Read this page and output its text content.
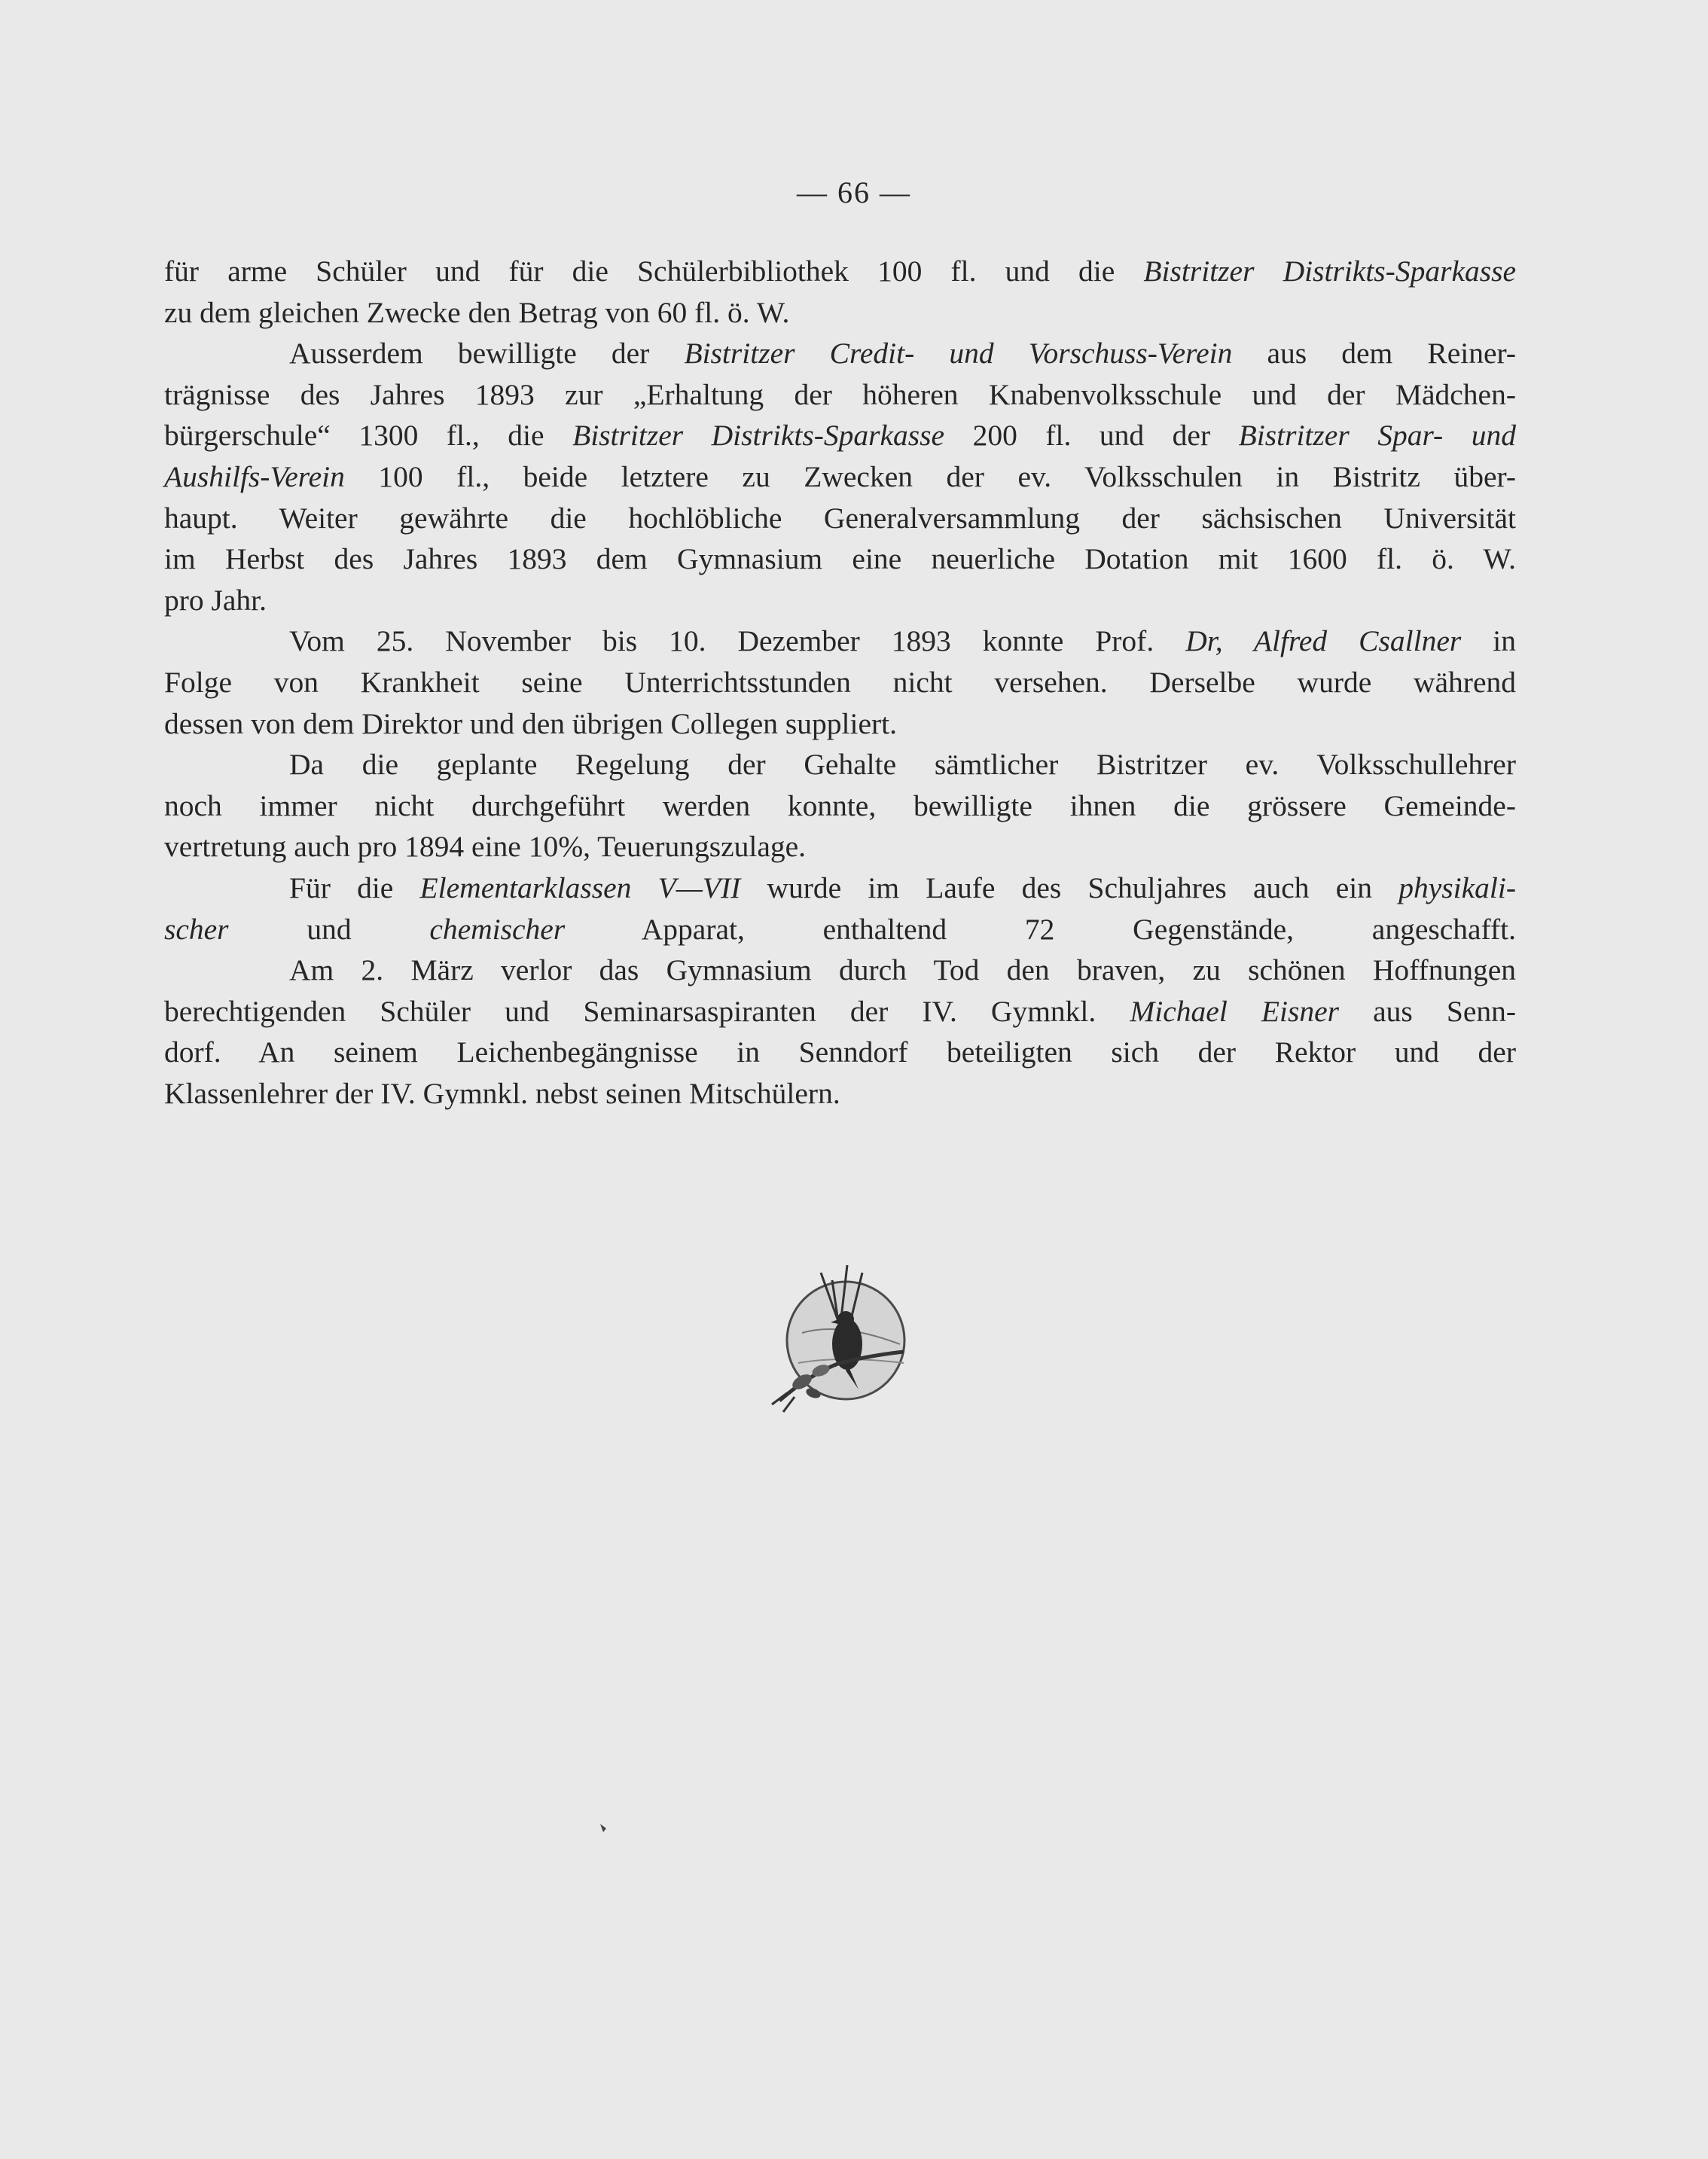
— 66 —
für arme Schüler und für die Schülerbibliothek 100 fl. und die Bistritzer Distrikts-Sparkasse
zu dem gleichen Zwecke den Betrag von 60 fl. ö. W.
Ausserdem bewilligte der Bistritzer Credit- und Vorschuss-Verein aus dem Reiner-
trägnisse des Jahres 1893 zur „Erhaltung der höheren Knabenvolksschule und der Mädchen-
bürgerschule“ 1300 fl., die Bistritzer Distrikts-Sparkasse 200 fl. und der Bistritzer Spar- und
Aushilfs-Verein 100 fl., beide letztere zu Zwecken der ev. Volksschulen in Bistritz über-
haupt. Weiter gewährte die hochlöbliche Generalversammlung der sächsischen Universität
im Herbst des Jahres 1893 dem Gymnasium eine neuerliche Dotation mit 1600 fl. ö. W.
pro Jahr.
Vom 25. November bis 10. Dezember 1893 konnte Prof. Dr, Alfred Csallner in
Folge von Krankheit seine Unterrichtsstunden nicht versehen. Derselbe wurde während
dessen von dem Direktor und den übrigen Collegen suppliert.
Da die geplante Regelung der Gehalte sämtlicher Bistritzer ev. Volksschullehrer
noch immer nicht durchgeführt werden konnte, bewilligte ihnen die grössere Gemeinde-
vertretung auch pro 1894 eine 10%, Teuerungszulage.
Für die Elementarklassen V—VII wurde im Laufe des Schuljahres auch ein physikali-
scher und chemischer Apparat, enthaltend 72 Gegenstände, angeschafft.
Am 2. März verlor das Gymnasium durch Tod den braven, zu schönen Hoffnungen
berechtigenden Schüler und Seminarsaspiranten der IV. Gymnkl. Michael Eisner aus Senn-
dorf. An seinem Leichenbegängnisse in Senndorf beteiligten sich der Rektor und der
Klassenlehrer der IV. Gymnkl. nebst seinen Mitschülern.
